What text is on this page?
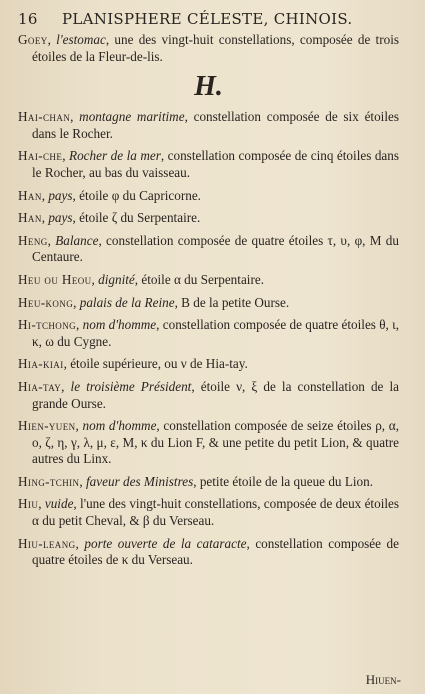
16	PLANISPHERE CÉLESTE, CHINOIS.

Goey, l'estomac, une des vingt-huit constellations, composée de trois étoiles de la Fleur-de-lis.

H.

Hai-chan, montagne maritime, constellation composée de six étoiles dans le Rocher.

Hai-che, Rocher de la mer, constellation composée de cinq étoiles dans le Rocher, au bas du vaisseau.

Han, pays, étoile φ du Capricorne.

Han, pays, étoile ζ du Serpentaire.

Heng, Balance, constellation composée de quatre étoiles τ, υ, φ, M du Centaure.

Heu ou Heou, dignité, étoile α du Serpentaire.

Heu-kong, palais de la Reine, B de la petite Ourse.

Hi-tchong, nom d'homme, constellation composée de quatre étoiles θ, ι, κ, ω du Cygne.

Hia-kiai, étoile supérieure, ou ν de Hia-tay.

Hia-tay, le troisième Président, étoile ν, ξ de la constellation de la grande Ourse.

Hien-yuen, nom d'homme, constellation composée de seize étoiles ρ, α, ο, ζ, η, γ, λ, μ, ε, M, κ du Lion F, & une petite du petit Lion, & quatre autres du Linx.

Hing-tchin, faveur des Ministres, petite étoile de la queue du Lion.

Hiu, vuide, l'une des vingt-huit constellations, composée de deux étoiles α du petit Cheval, & β du Verseau.

Hiu-leang, porte ouverte de la cataracte, constellation composée de quatre étoiles de κ du Verseau.

Hiuen-
